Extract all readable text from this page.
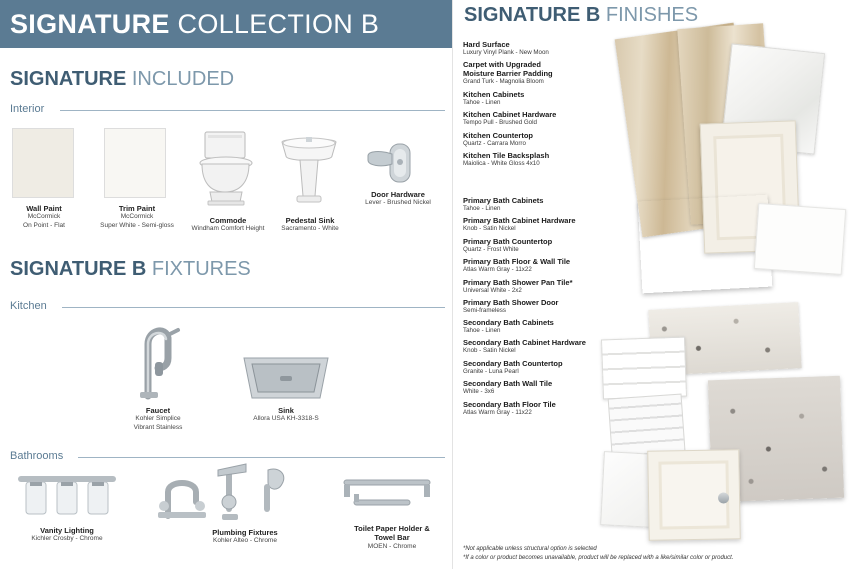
SIGNATURE COLLECTION B
SIGNATURE INCLUDED
Interior
Wall Paint
McCormick
On Point - Flat
Trim Paint
McCormick
Super White - Semi-gloss	Commode
Windham Comfort Height
Pedestal Sink
Sacramento - White
Door Hardware
Lever - Brushed Nickel
SIGNATURE B FIXTURES
Kitchen
Faucet
Kohler Simplice
Vibrant Stainless
Sink
Allora USA KH-3318-S
Bathrooms
Vanity Lighting
Kichler Crosby - Chrome
Plumbing Fixtures
Kohler Alteo - Chrome
Toilet Paper Holder &
Towel Bar
MOEN - Chrome
SIGNATURE B FINISHES
Hard Surface
Luxury Vinyl Plank - New Moon
Carpet with Upgraded
Moisture Barrier Padding
Grand Turk - Magnolia Bloom
Kitchen Cabinets
Tahoe - Linen
Kitchen Cabinet Hardware
Tempo Pull - Brushed Gold
Kitchen Countertop
Quartz - Carrara Morro
Kitchen Tile Backsplash
Maiolica - White Gloss 4x10
Primary Bath Cabinets
Tahoe - Linen
Primary Bath Cabinet Hardware
Knob - Satin Nickel
Primary Bath Countertop
Quartz - Frost White
Primary Bath Floor & Wall Tile
Atlas Warm Gray - 11x22
Primary Bath Shower Pan Tile*
Universal White - 2x2
Primary Bath Shower Door
Semi-frameless
Secondary Bath Cabinets
Tahoe - Linen
Secondary Bath Cabinet Hardware
Knob - Satin Nickel
Secondary Bath Countertop
Granite - Luna Pearl
Secondary Bath Wall Tile
White - 3x6
Secondary Bath Floor Tile
Atlas Warm Gray - 11x22
*Not applicable unless structural option is selected
*If a color or product becomes unavailable, product will be replaced with a like/similar color or product.
